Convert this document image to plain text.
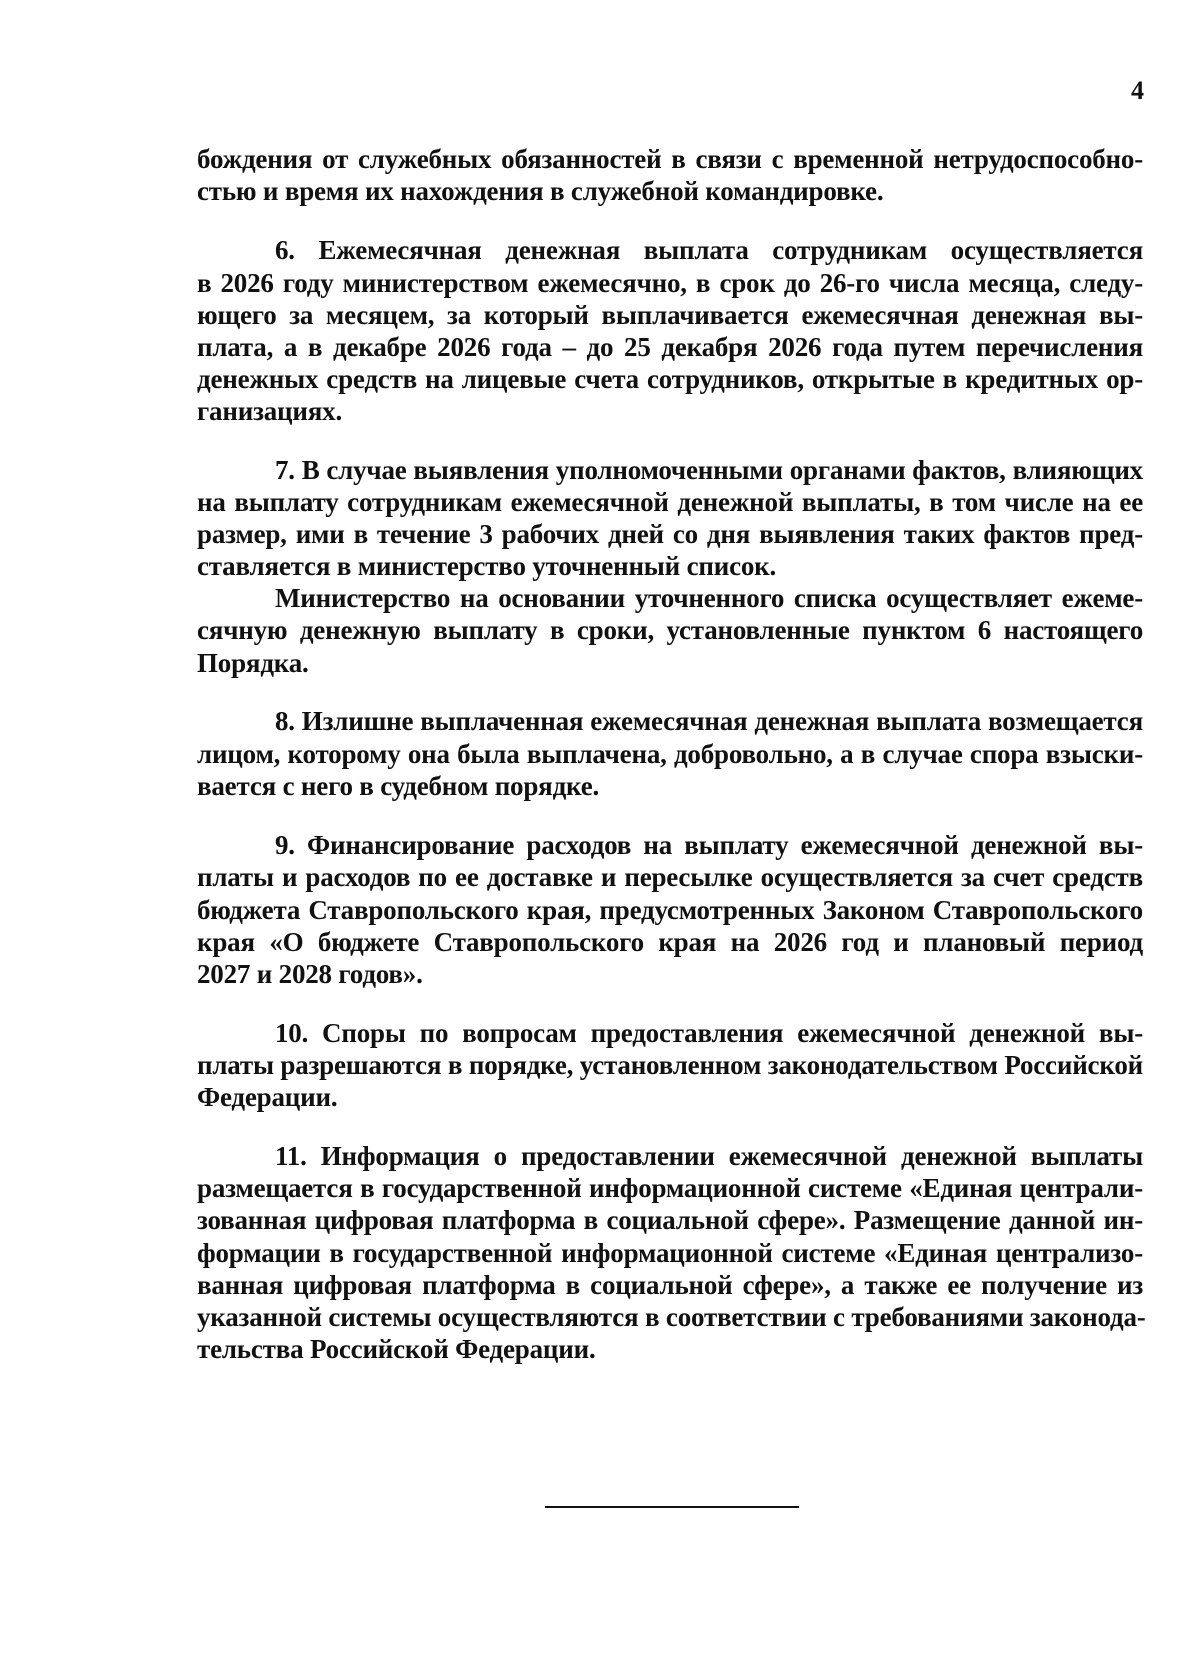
4
бождения от служебных обязанностей в связи с временной нетрудоспособно-
стью и время их нахождения в служебной командировке.
6. Ежемесячная денежная выплата сотрудникам осуществляется
в 2026 году министерством ежемесячно, в срок до 26-го числа месяца, следу-
ющего за месяцем, за который выплачивается ежемесячная денежная вы-
плата, а в декабре 2026 года – до 25 декабря 2026 года путем перечисления
денежных средств на лицевые счета сотрудников, открытые в кредитных ор-
ганизациях.
7. В случае выявления уполномоченными органами фактов, влияющих
на выплату сотрудникам ежемесячной денежной выплаты, в том числе на ее
размер, ими в течение 3 рабочих дней со дня выявления таких фактов пред-
ставляется в министерство уточненный список.
Министерство на основании уточненного списка осуществляет ежеме-
сячную денежную выплату в сроки, установленные пунктом 6 настоящего
Порядка.
8. Излишне выплаченная ежемесячная денежная выплата возмещается
лицом, которому она была выплачена, добровольно, а в случае спора взыски-
вается с него в судебном порядке.
9. Финансирование расходов на выплату ежемесячной денежной вы-
платы и расходов по ее доставке и пересылке осуществляется за счет средств
бюджета Ставропольского края, предусмотренных Законом Ставропольского
края «О бюджете Ставропольского края на 2026 год и плановый период
2027 и 2028 годов».
10. Споры по вопросам предоставления ежемесячной денежной вы-
платы разрешаются в порядке, установленном законодательством Российской
Федерации.
11. Информация о предоставлении ежемесячной денежной выплаты
размещается в государственной информационной системе «Единая централи-
зованная цифровая платформа в социальной сфере». Размещение данной ин-
формации в государственной информационной системе «Единая централизо-
ванная цифровая платформа в социальной сфере», а также ее получение из
указанной системы осуществляются в соответствии с требованиями законода-
тельства Российской Федерации.
